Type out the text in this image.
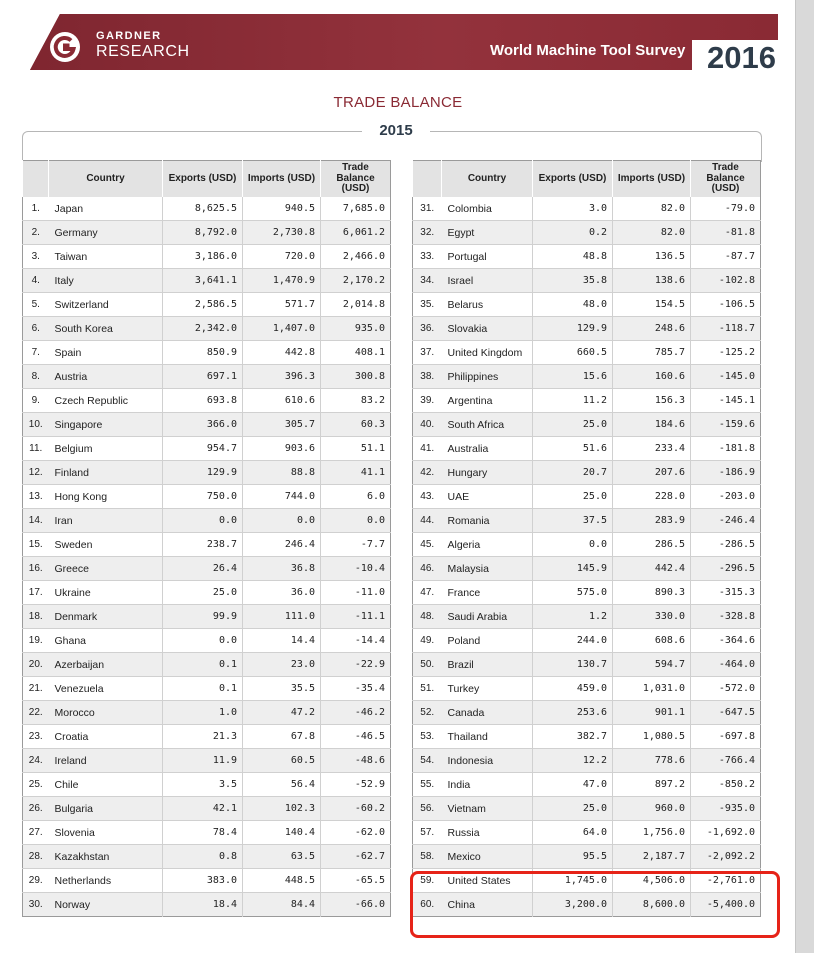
GARDNER
RESEARCH	World Machine Tool Survey 2016
TRADE BALANCE
2015
	Country	Exports (USD)	Imports (USD)	Trade Balance (USD)
1.	Japan	8,625.5	940.5	7,685.0
2.	Germany	8,792.0	2,730.8	6,061.2
3.	Taiwan	3,186.0	720.0	2,466.0
4.	Italy	3,641.1	1,470.9	2,170.2
5.	Switzerland	2,586.5	571.7	2,014.8
6.	South Korea	2,342.0	1,407.0	935.0
7.	Spain	850.9	442.8	408.1
8.	Austria	697.1	396.3	300.8
9.	Czech Republic	693.8	610.6	83.2
10.	Singapore	366.0	305.7	60.3
11.	Belgium	954.7	903.6	51.1
12.	Finland	129.9	88.8	41.1
13.	Hong Kong	750.0	744.0	6.0
14.	Iran	0.0	0.0	0.0
15.	Sweden	238.7	246.4	-7.7
16.	Greece	26.4	36.8	-10.4
17.	Ukraine	25.0	36.0	-11.0
18.	Denmark	99.9	111.0	-11.1
19.	Ghana	0.0	14.4	-14.4
20.	Azerbaijan	0.1	23.0	-22.9
21.	Venezuela	0.1	35.5	-35.4
22.	Morocco	1.0	47.2	-46.2
23.	Croatia	21.3	67.8	-46.5
24.	Ireland	11.9	60.5	-48.6
25.	Chile	3.5	56.4	-52.9
26.	Bulgaria	42.1	102.3	-60.2
27.	Slovenia	78.4	140.4	-62.0
28.	Kazakhstan	0.8	63.5	-62.7
29.	Netherlands	383.0	448.5	-65.5
30.	Norway	18.4	84.4	-66.0
	Country	Exports (USD)	Imports (USD)	Trade Balance (USD)
31.	Colombia	3.0	82.0	-79.0
32.	Egypt	0.2	82.0	-81.8
33.	Portugal	48.8	136.5	-87.7
34.	Israel	35.8	138.6	-102.8
35.	Belarus	48.0	154.5	-106.5
36.	Slovakia	129.9	248.6	-118.7
37.	United Kingdom	660.5	785.7	-125.2
38.	Philippines	15.6	160.6	-145.0
39.	Argentina	11.2	156.3	-145.1
40.	South Africa	25.0	184.6	-159.6
41.	Australia	51.6	233.4	-181.8
42.	Hungary	20.7	207.6	-186.9
43.	UAE	25.0	228.0	-203.0
44.	Romania	37.5	283.9	-246.4
45.	Algeria	0.0	286.5	-286.5
46.	Malaysia	145.9	442.4	-296.5
47.	France	575.0	890.3	-315.3
48.	Saudi Arabia	1.2	330.0	-328.8
49.	Poland	244.0	608.6	-364.6
50.	Brazil	130.7	594.7	-464.0
51.	Turkey	459.0	1,031.0	-572.0
52.	Canada	253.6	901.1	-647.5
53.	Thailand	382.7	1,080.5	-697.8
54.	Indonesia	12.2	778.6	-766.4
55.	India	47.0	897.2	-850.2
56.	Vietnam	25.0	960.0	-935.0
57.	Russia	64.0	1,756.0	-1,692.0
58.	Mexico	95.5	2,187.7	-2,092.2
59.	United States	1,745.0	4,506.0	-2,761.0
60.	China	3,200.0	8,600.0	-5,400.0
